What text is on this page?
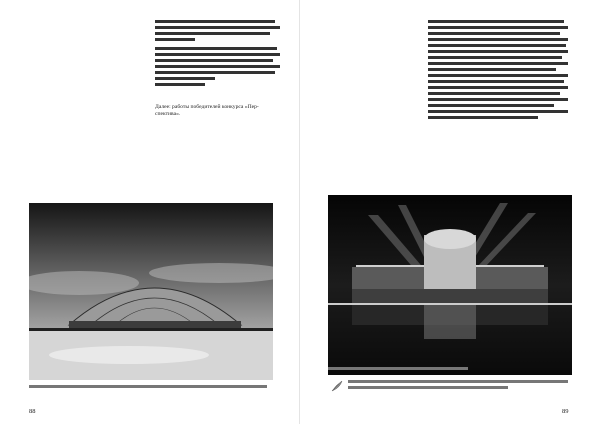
Далее: работы победителей конкурса «Пер-спектива».
88	89
